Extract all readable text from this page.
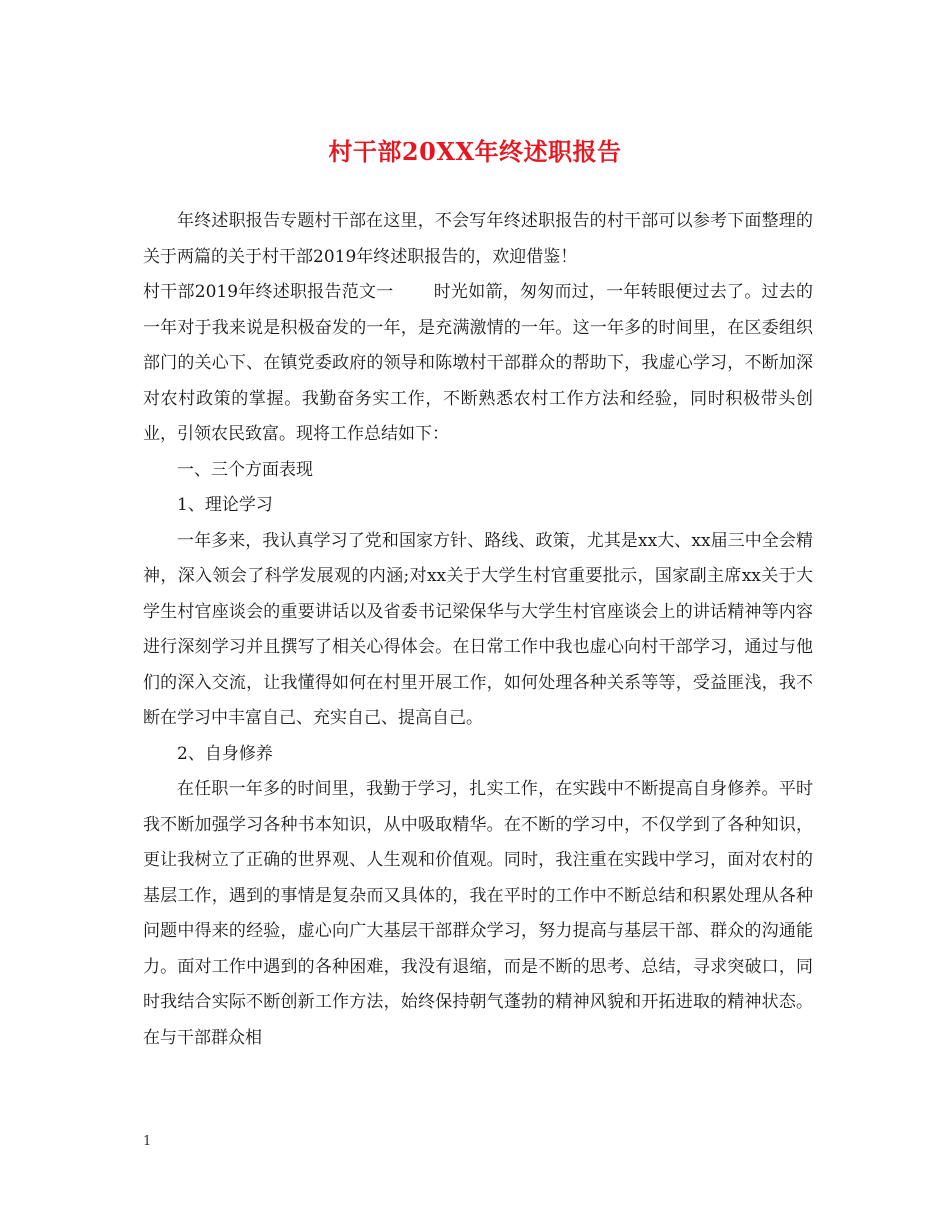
村干部20XX年终述职报告

年终述职报告专题村干部在这里，不会写年终述职报告的村干部可以参考下面整理的关于两篇的关于村干部2019年终述职报告的，欢迎借鉴！

村干部2019年终述职报告范文一 时光如箭，匆匆而过，一年转眼便过去了。过去的一年对于我来说是积极奋发的一年，是充满激情的一年。这一年多的时间里，在区委组织部门的关心下、在镇党委政府的领导和陈墩村干部群众的帮助下，我虚心学习，不断加深对农村政策的掌握。我勤奋务实工作，不断熟悉农村工作方法和经验，同时积极带头创业，引领农民致富。现将工作总结如下：

一、三个方面表现

1、理论学习

一年多来，我认真学习了党和国家方针、路线、政策，尤其是xx大、xx届三中全会精神，深入领会了科学发展观的内涵;对xx关于大学生村官重要批示，国家副主席xx关于大学生村官座谈会的重要讲话以及省委书记梁保华与大学生村官座谈会上的讲话精神等内容进行深刻学习并且撰写了相关心得体会。在日常工作中我也虚心向村干部学习，通过与他们的深入交流，让我懂得如何在村里开展工作，如何处理各种关系等等，受益匪浅，我不断在学习中丰富自己、充实自己、提高自己。

2、自身修养

在任职一年多的时间里，我勤于学习，扎实工作，在实践中不断提高自身修养。平时我不断加强学习各种书本知识，从中吸取精华。在不断的学习中，不仅学到了各种知识，更让我树立了正确的世界观、人生观和价值观。同时，我注重在实践中学习，面对农村的基层工作，遇到的事情是复杂而又具体的，我在平时的工作中不断总结和积累处理从各种问题中得来的经验，虚心向广大基层干部群众学习，努力提高与基层干部、群众的沟通能力。面对工作中遇到的各种困难，我没有退缩，而是不断的思考、总结，寻求突破口，同时我结合实际不断创新工作方法，始终保持朝气蓬勃的精神风貌和开拓进取的精神状态。在与干部群众相

1
